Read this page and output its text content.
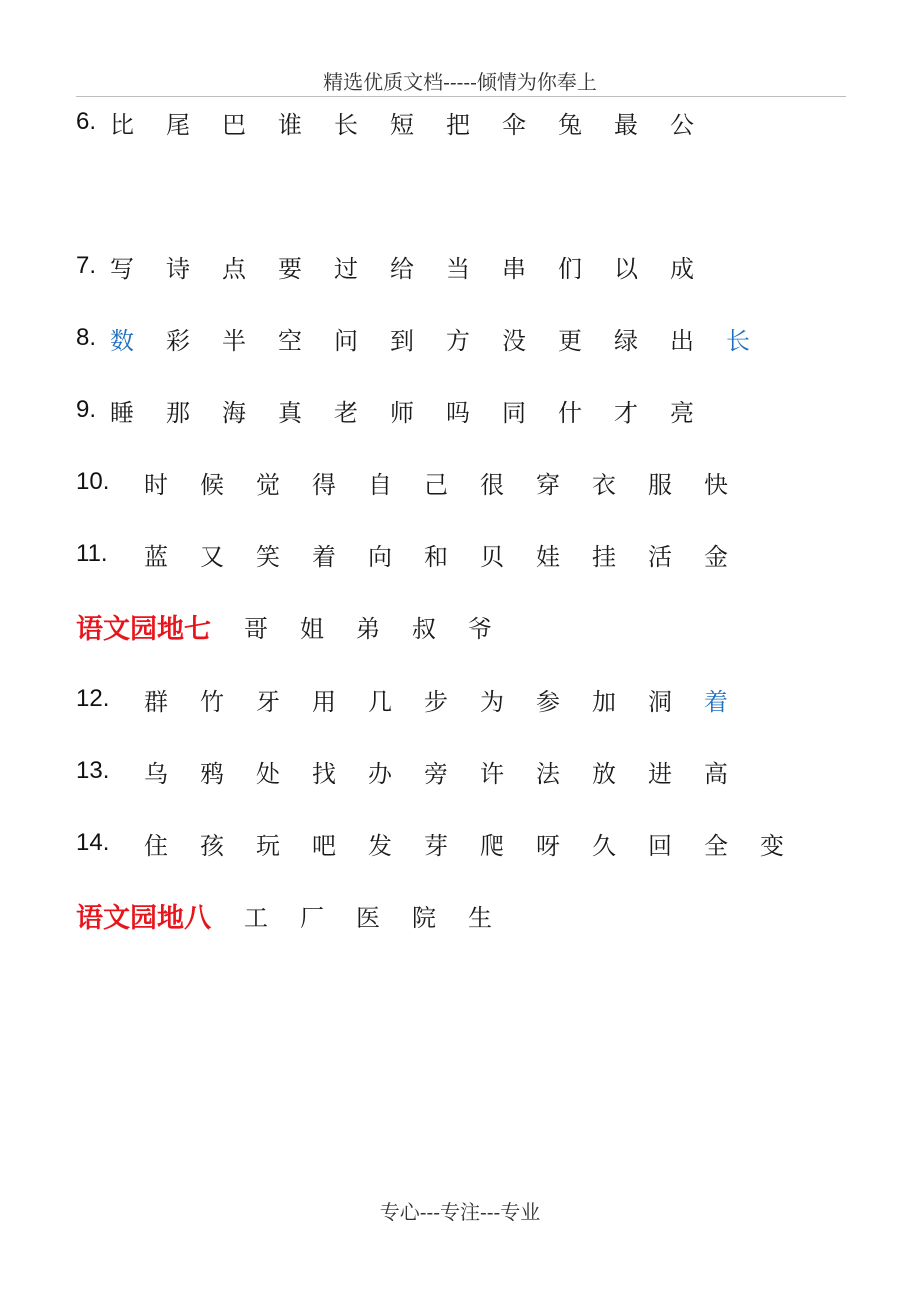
精选优质文档-----倾情为你奉上
6. 比	尾	巴	谁	长	短	把	伞	兔	最	公
7. 写	诗	点	要	过	给	当	串	们	以	成
8. 数	彩	半	空	问	到	方	没	更	绿	出	长
9. 睡	那	海	真	老	师	吗	同	什	才	亮
10.	时	候	觉	得	自	己	很	穿	衣	服	快
11.	蓝	又	笑	着	向	和	贝	娃	挂	活	金
语文园地七	哥	姐	弟	叔	爷
12.	群	竹	牙	用	几	步	为	参	加	洞	着
13.	乌	鸦	处	找	办	旁	许	法	放	进	高
14.	住	孩	玩	吧	发	芽	爬	呀	久	回	全	变
语文园地八	工	厂	医	院	生
专心---专注---专业
